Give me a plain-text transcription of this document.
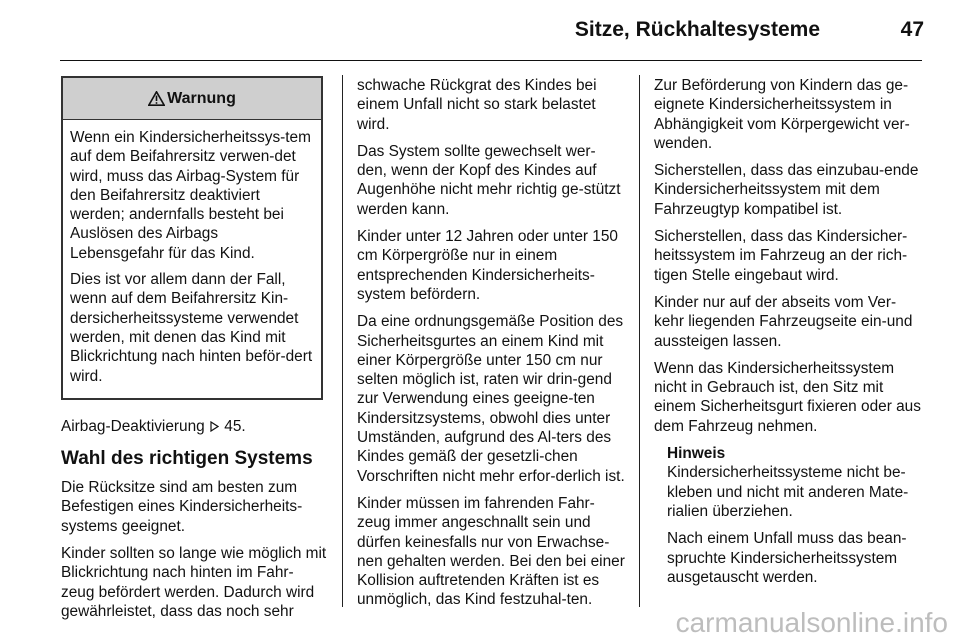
Sitze, Rückhaltesysteme	47
Warnung

Wenn ein Kindersicherheitssys-tem auf dem Beifahrersitz verwen-det wird, muss das Airbag-System für den Beifahrersitz deaktiviert werden; andernfalls besteht bei Auslösen des Airbags Lebensgefahr für das Kind.

Dies ist vor allem dann der Fall, wenn auf dem Beifahrersitz Kin-dersicherheitssysteme verwendet werden, mit denen das Kind mit Blickrichtung nach hinten beför-dert wird.

Airbag-Deaktivierung 45.

Wahl des richtigen Systems

Die Rücksitze sind am besten zum Befestigen eines Kindersicherheits-systems geeignet.

Kinder sollten so lange wie möglich mit Blickrichtung nach hinten im Fahr-zeug befördert werden. Dadurch wird gewährleistet, dass das noch sehr

schwache Rückgrat des Kindes bei einem Unfall nicht so stark belastet wird.

Das System sollte gewechselt wer-den, wenn der Kopf des Kindes auf Augenhöhe nicht mehr richtig ge-stützt werden kann.

Kinder unter 12 Jahren oder unter 150 cm Körpergröße nur in einem entsprechenden Kindersicherheits-system befördern.

Da eine ordnungsgemäße Position des Sicherheitsgurtes an einem Kind mit einer Körpergröße unter 150 cm nur selten möglich ist, raten wir drin-gend zur Verwendung eines geeigne-ten Kindersitzsystems, obwohl dies unter Umständen, aufgrund des Al-ters des Kindes gemäß der gesetzli-chen Vorschriften nicht mehr erfor-derlich ist.

Kinder müssen im fahrenden Fahr-zeug immer angeschnallt sein und dürfen keinesfalls nur von Erwachse-nen gehalten werden. Bei den bei einer Kollision auftretenden Kräften ist es unmöglich, das Kind festzuhal-ten.

Zur Beförderung von Kindern das ge-eignete Kindersicherheitssystem in Abhängigkeit vom Körpergewicht ver-wenden.

Sicherstellen, dass das einzubau-ende Kindersicherheitssystem mit dem Fahrzeugtyp kompatibel ist.

Sicherstellen, dass das Kindersicher-heitssystem im Fahrzeug an der rich-tigen Stelle eingebaut wird.

Kinder nur auf der abseits vom Ver-kehr liegenden Fahrzeugseite ein-und aussteigen lassen.

Wenn das Kindersicherheitssystem nicht in Gebrauch ist, den Sitz mit einem Sicherheitsgurt fixieren oder aus dem Fahrzeug nehmen.

Hinweis

Kindersicherheitssysteme nicht be-kleben und nicht mit anderen Mate-rialien überziehen.

Nach einem Unfall muss das bean-spruchte Kindersicherheitssystem ausgetauscht werden.

carmanualsonline.info
